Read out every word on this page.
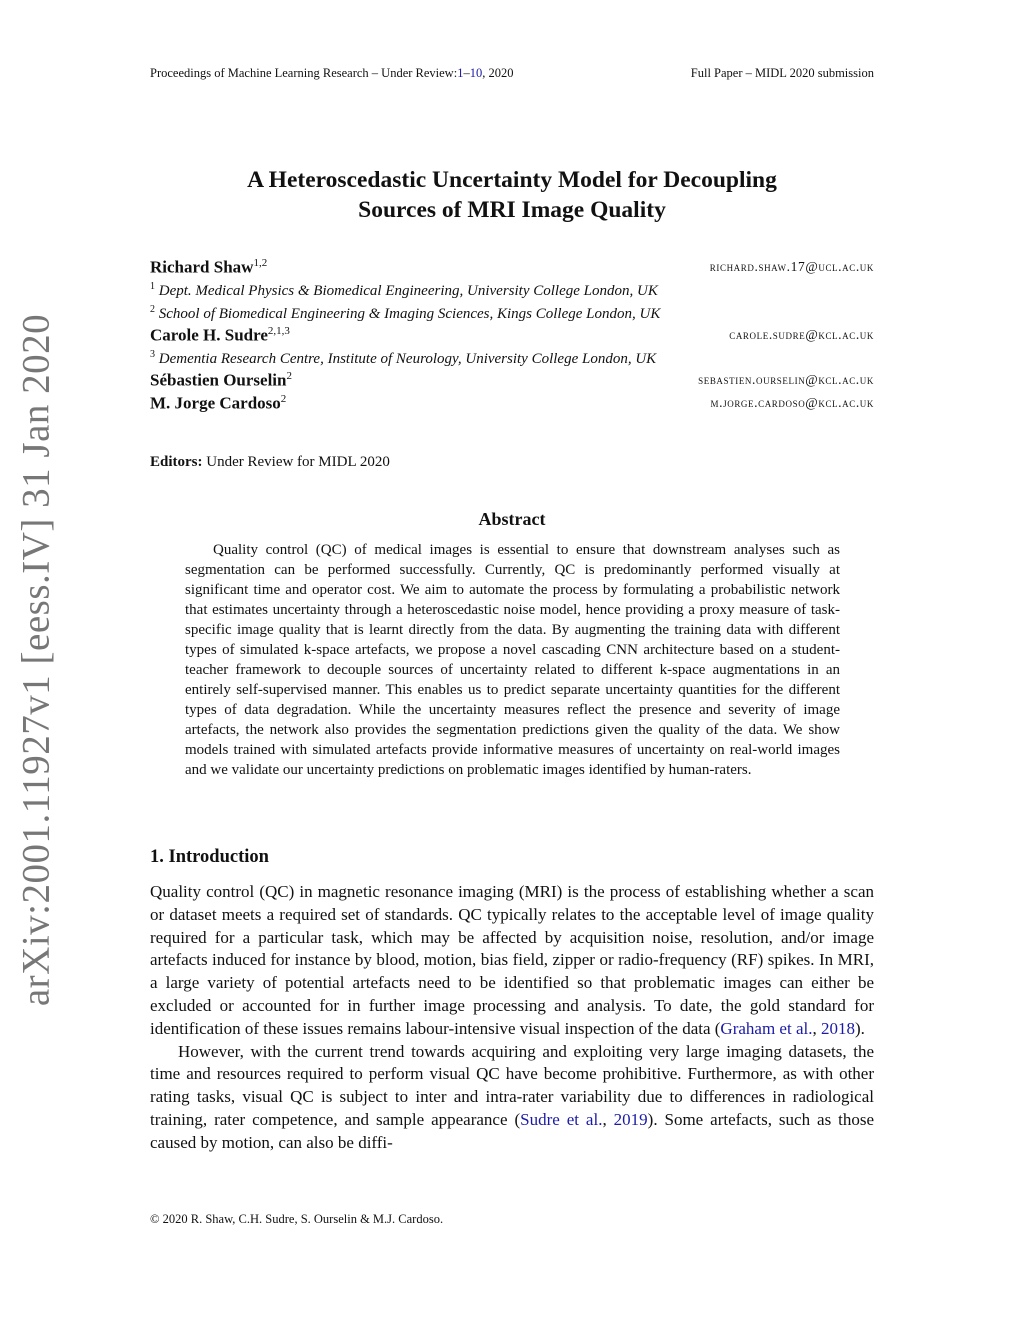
Proceedings of Machine Learning Research – Under Review:1–10, 2020	Full Paper – MIDL 2020 submission
arXiv:2001.11927v1 [eess.IV] 31 Jan 2020
A Heteroscedastic Uncertainty Model for Decoupling
Sources of MRI Image Quality
Richard Shaw$^{1,2}$	richard.shaw.17@ucl.ac.uk
$^1$ Dept. Medical Physics & Biomedical Engineering, University College London, UK
$^2$ School of Biomedical Engineering & Imaging Sciences, Kings College London, UK
Carole H. Sudre$^{2,1,3}$	carole.sudre@kcl.ac.uk
$^3$ Dementia Research Centre, Institute of Neurology, University College London, UK
Sébastien Ourselin$^2$	sebastien.ourselin@kcl.ac.uk
M. Jorge Cardoso$^2$	m.jorge.cardoso@kcl.ac.uk
Editors: Under Review for MIDL 2020
Abstract

Quality control (QC) of medical images is essential to ensure that downstream analyses such as segmentation can be performed successfully. Currently, QC is predominantly performed visually at significant time and operator cost. We aim to automate the process by formulating a probabilistic network that estimates uncertainty through a heteroscedastic noise model, hence providing a proxy measure of task-specific image quality that is learnt directly from the data. By augmenting the training data with different types of simulated k-space artefacts, we propose a novel cascading CNN architecture based on a student-teacher framework to decouple sources of uncertainty related to different k-space augmentations in an entirely self-supervised manner. This enables us to predict separate uncertainty quantities for the different types of data degradation. While the uncertainty measures reflect the presence and severity of image artefacts, the network also provides the segmentation predictions given the quality of the data. We show models trained with simulated artefacts provide informative measures of uncertainty on real-world images and we validate our uncertainty predictions on problematic images identified by human-raters.

1. Introduction

Quality control (QC) in magnetic resonance imaging (MRI) is the process of establishing whether a scan or dataset meets a required set of standards. QC typically relates to the acceptable level of image quality required for a particular task, which may be affected by acquisition noise, resolution, and/or image artefacts induced for instance by blood, motion, bias field, zipper or radio-frequency (RF) spikes. In MRI, a large variety of potential artefacts need to be identified so that problematic images can either be excluded or accounted for in further image processing and analysis. To date, the gold standard for identification of these issues remains labour-intensive visual inspection of the data (Graham et al., 2018).

However, with the current trend towards acquiring and exploiting very large imaging datasets, the time and resources required to perform visual QC have become prohibitive. Furthermore, as with other rating tasks, visual QC is subject to inter and intra-rater variability due to differences in radiological training, rater competence, and sample appearance (Sudre et al., 2019). Some artefacts, such as those caused by motion, can also be diffi-

© 2020 R. Shaw, C.H. Sudre, S. Ourselin & M.J. Cardoso.
